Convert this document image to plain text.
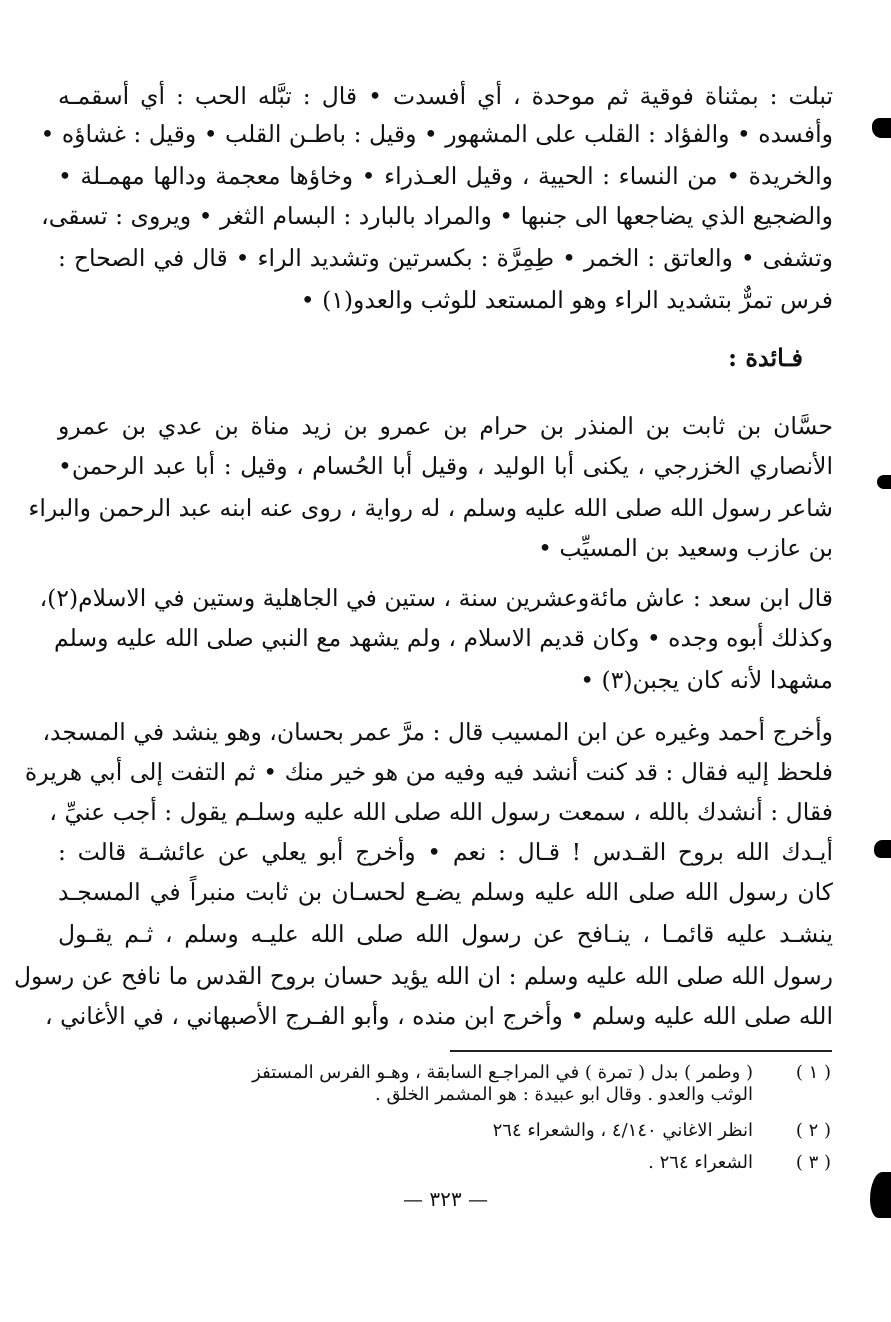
تبلت : بمثناة فوقية ثم موحدة ، أي أفسدت • قال : تبَّله الحب : أي أسقمـه
وأفسده • والفؤاد : القلب على المشهور • وقيل : باطـن القلب • وقيل : غشاؤه •
والخريدة • من النساء : الحيية ، وقيل العـذراء • وخاؤها معجمة ودالها مهمـلة •
والضجيع الذي يضاجعها الى جنبها • والمراد بالبارد : البسام الثغر • ويروى : تسقى،
وتشفى • والعاتق : الخمر • طِمِرَّة : بكسرتين وتشديد الراء • قال في الصحاح :
فرس تمرٌّ بتشديد الراء وهو المستعد للوثب والعدو(١) •
فـائدة :
حسَّان بن ثابت بن المنذر بن حرام بن عمرو بن زيد مناة بن عدي بن عمرو
الأنصاري الخزرجي ، يكنى أبا الوليد ، وقيل أبا الحُسام ، وقيل : أبا عبد الرحمن•
شاعر رسول الله صلى الله عليه وسلم ، له رواية ، روى عنه ابنه عبد الرحمن والبراء
بن عازب وسعيد بن المسيِّب •
قال ابن سعد : عاش مائةوعشرين سنة ، ستين في الجاهلية وستين في الاسلام(٢)،
وكذلك أبوه وجده • وكان قديم الاسلام ، ولم يشهد مع النبي صلى الله عليه وسلم
مشهدا لأنه كان يجبن(٣) •
وأخرج أحمد وغيره عن ابن المسيب قال : مرَّ عمر بحسان، وهو ينشد في المسجد،
فلحظ إليه فقال : قد كنت أنشد فيه وفيه من هو خير منك • ثم التفت إلى أبي هريرة
فقال : أنشدك بالله ، سمعت رسول الله صلى الله عليه وسلـم يقول : أجب عنيِّ ،
أيـدك الله بروح القـدس ! قـال : نعم • وأخرج أبو يعلي عن عائشـة قالت :
كان رسول الله صلى الله عليه وسلم يضـع لحسـان بن ثابت منبراً في المسجـد
ينشـد عليه قائمـا ، ينـافح عن رسول الله صلى الله عليـه وسلم ، ثـم يقـول
رسول الله صلى الله عليه وسلم : ان الله يؤيد حسان بروح القدس ما نافح عن رسول
الله صلى الله عليه وسلم • وأخرج ابن منده ، وأبو الفـرج الأصبهاني ، في الأغاني ،
( ١ )
( وطمر ) بدل ( تمرة ) في المراجـع السابقة ، وهـو الفرس المستفز
الوثب والعدو . وقال ابو عبيدة : هو المشمر الخلق .
( ٢ )
انظر الاغاني ٤/١٤٠ ، والشعراء ٢٦٤
( ٣ )
الشعراء ٢٦٤ .
— ٣٢٣ —
